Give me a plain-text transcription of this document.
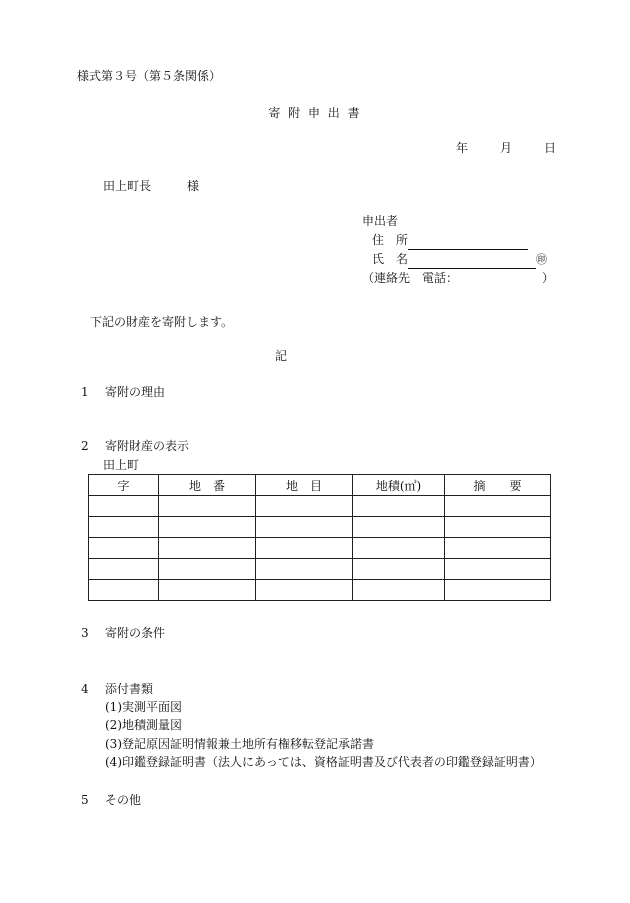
様式第３号（第５条関係）
寄 附 申 出 書
年	月	日
田上町長	様
申出者
住　所
氏　名	㊞
（連絡先　電話：	）
下記の財産を寄附します。
記
1 寄附の理由
2 寄附財産の表示
田上町
字	地　番	地　目	地積(㎡)	摘　　要

3 寄附の条件
4 添付書類
(1)実測平面図
(2)地積測量図
(3)登記原因証明情報兼土地所有権移転登記承諾書
(4)印鑑登録証明書（法人にあっては、資格証明書及び代表者の印鑑登録証明書）
5 その他
